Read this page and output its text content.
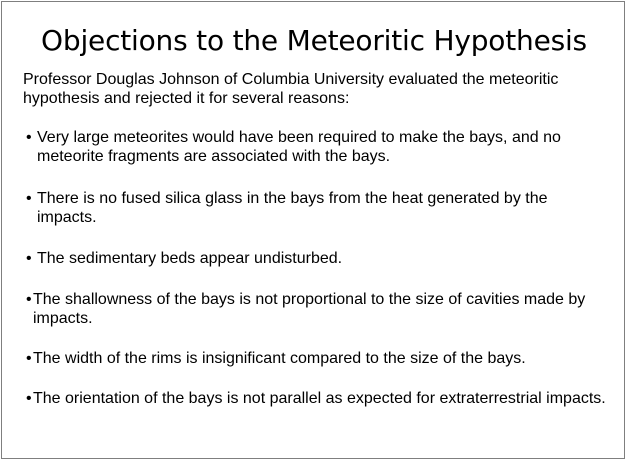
Objections to the Meteoritic Hypothesis
Professor Douglas Johnson of Columbia University evaluated the meteoritic hypothesis and rejected it for several reasons:
• Very large meteorites would have been required to make the bays, and no meteorite fragments are associated with the bays.
• There is no fused silica glass in the bays from the heat generated by the impacts.
• The sedimentary beds appear undisturbed.
• The shallowness of the bays is not proportional to the size of cavities made by impacts.
• The width of the rims is insignificant compared to the size of the bays.
• The orientation of the bays is not parallel as expected for extraterrestrial impacts.
